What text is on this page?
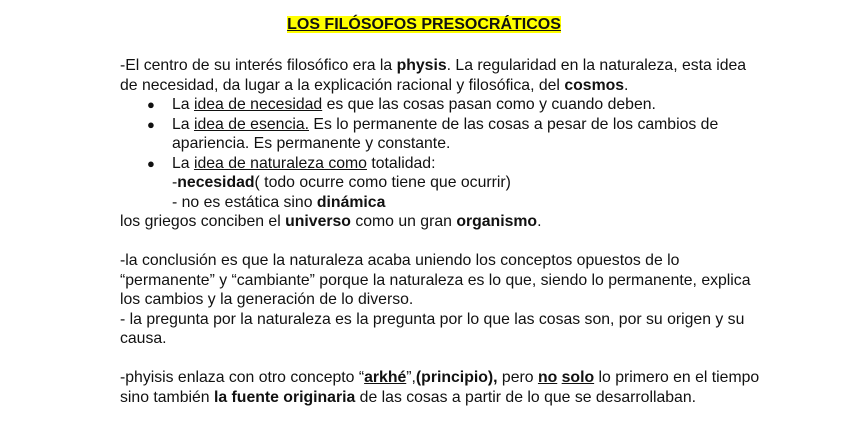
LOS FILÓSOFOS PRESOCRÁTICOS

-El centro de su interés filosófico era la physis. La regularidad en la naturaleza, esta idea de necesidad, da lugar a la explicación racional y filosófica, del cosmos.

● La idea de necesidad es que las cosas pasan como y cuando deben.
● La idea de esencia. Es lo permanente de las cosas a pesar de los cambios de apariencia. Es permanente y constante.
● La idea de naturaleza como totalidad:

-necesidad( todo ocurre como tiene que ocurrir)

- no es estática sino dinámica

los griegos conciben el universo como un gran organismo.

-la conclusión es que la naturaleza acaba uniendo los conceptos opuestos de lo “permanente” y “cambiante” porque la naturaleza es lo que, siendo lo permanente, explica los cambios y la generación de lo diverso.

- la pregunta por la naturaleza es la pregunta por lo que las cosas son, por su origen y su causa.

-phyisis enlaza con otro concepto “arkhé”,(principio), pero no solo lo primero en el tiempo sino también la fuente originaria de las cosas a partir de lo que se desarrollaban.
